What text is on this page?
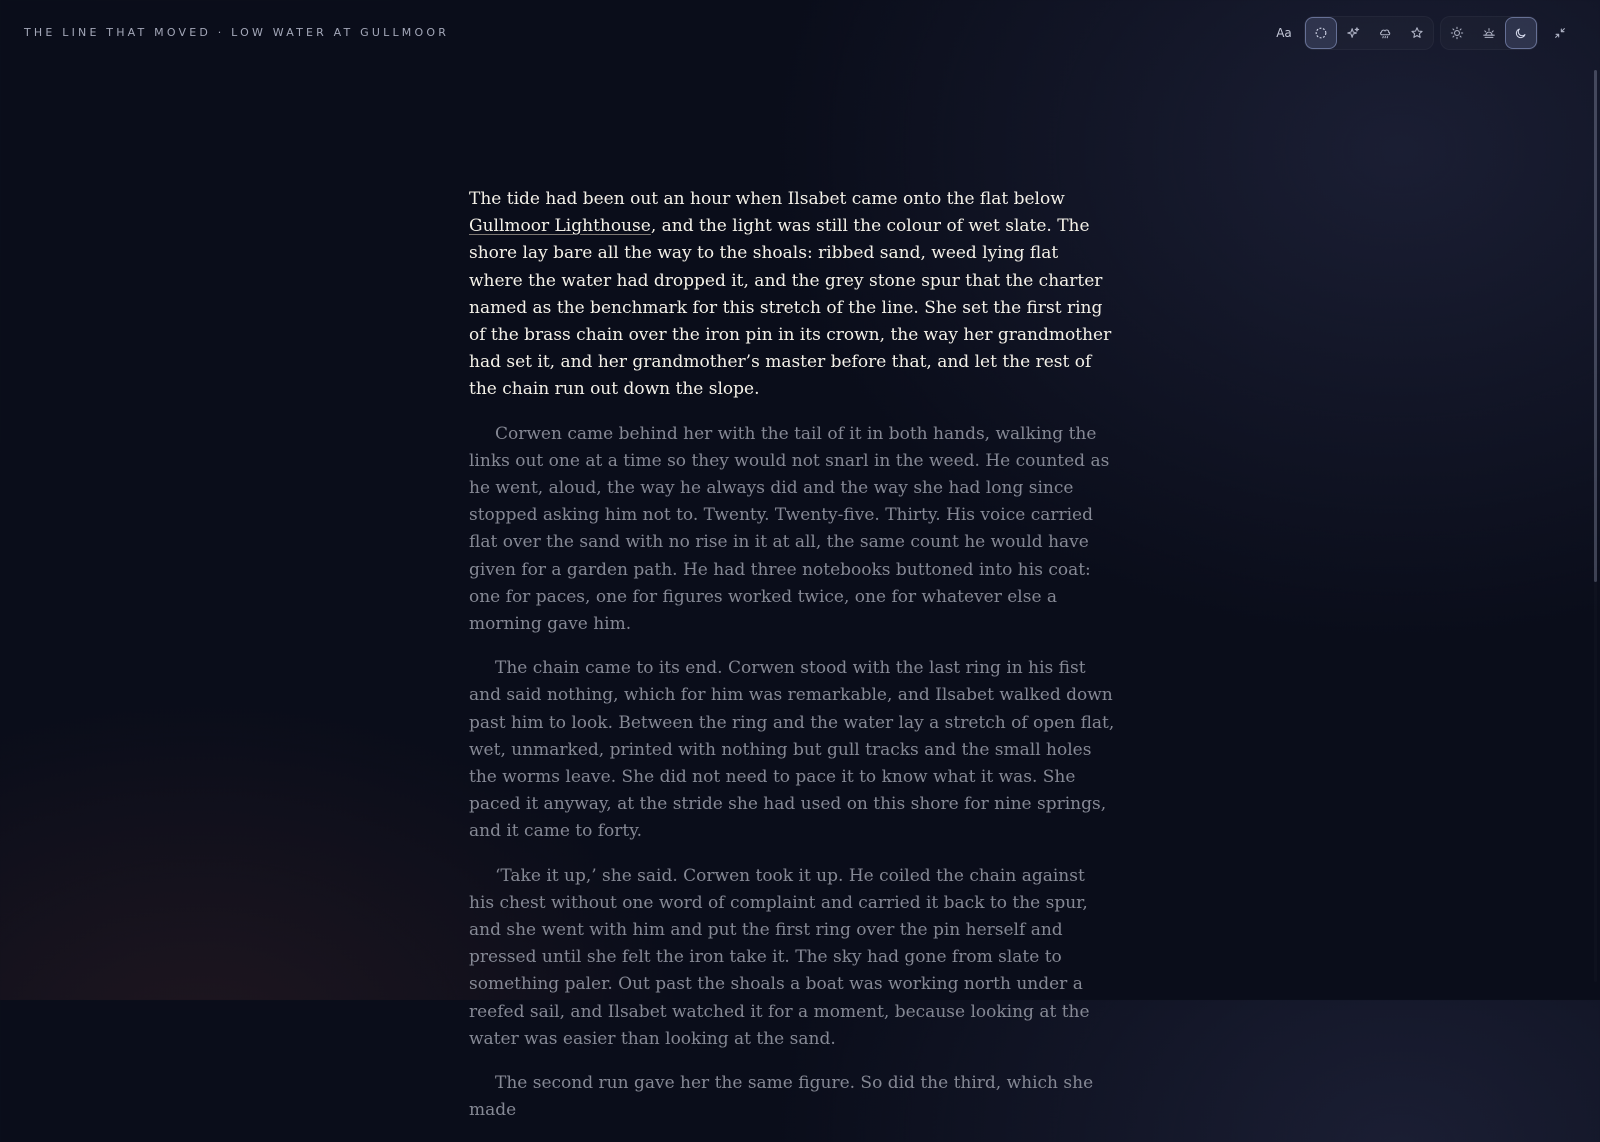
THE LINE THAT MOVED · LOW WATER AT GULLMOOR	Aa

The tide had been out an hour when Ilsabet came onto the flat below Gullmoor Lighthouse, and the light was still the colour of wet slate. The shore lay bare all the way to the shoals: ribbed sand, weed lying flat where the water had dropped it, and the grey stone spur that the charter named as the benchmark for this stretch of the line. She set the first ring of the brass chain over the iron pin in its crown, the way her grandmother had set it, and her grandmother’s master before that, and let the rest of the chain run out down the slope.

Corwen came behind her with the tail of it in both hands, walking the links out one at a time so they would not snarl in the weed. He counted as he went, aloud, the way he always did and the way she had long since stopped asking him not to. Twenty. Twenty-five. Thirty. His voice carried flat over the sand with no rise in it at all, the same count he would have given for a garden path. He had three notebooks buttoned into his coat: one for paces, one for figures worked twice, one for whatever else a morning gave him.

The chain came to its end. Corwen stood with the last ring in his fist and said nothing, which for him was remarkable, and Ilsabet walked down past him to look. Between the ring and the water lay a stretch of open flat, wet, unmarked, printed with nothing but gull tracks and the small holes the worms leave. She did not need to pace it to know what it was. She paced it anyway, at the stride she had used on this shore for nine springs, and it came to forty.

‘Take it up,’ she said. Corwen took it up. He coiled the chain against his chest without one word of complaint and carried it back to the spur, and she went with him and put the first ring over the pin herself and pressed until she felt the iron take it. The sky had gone from slate to something paler. Out past the shoals a boat was working north under a reefed sail, and Ilsabet watched it for a moment, because looking at the water was easier than looking at the sand.

The second run gave her the same figure. So did the third, which she made
